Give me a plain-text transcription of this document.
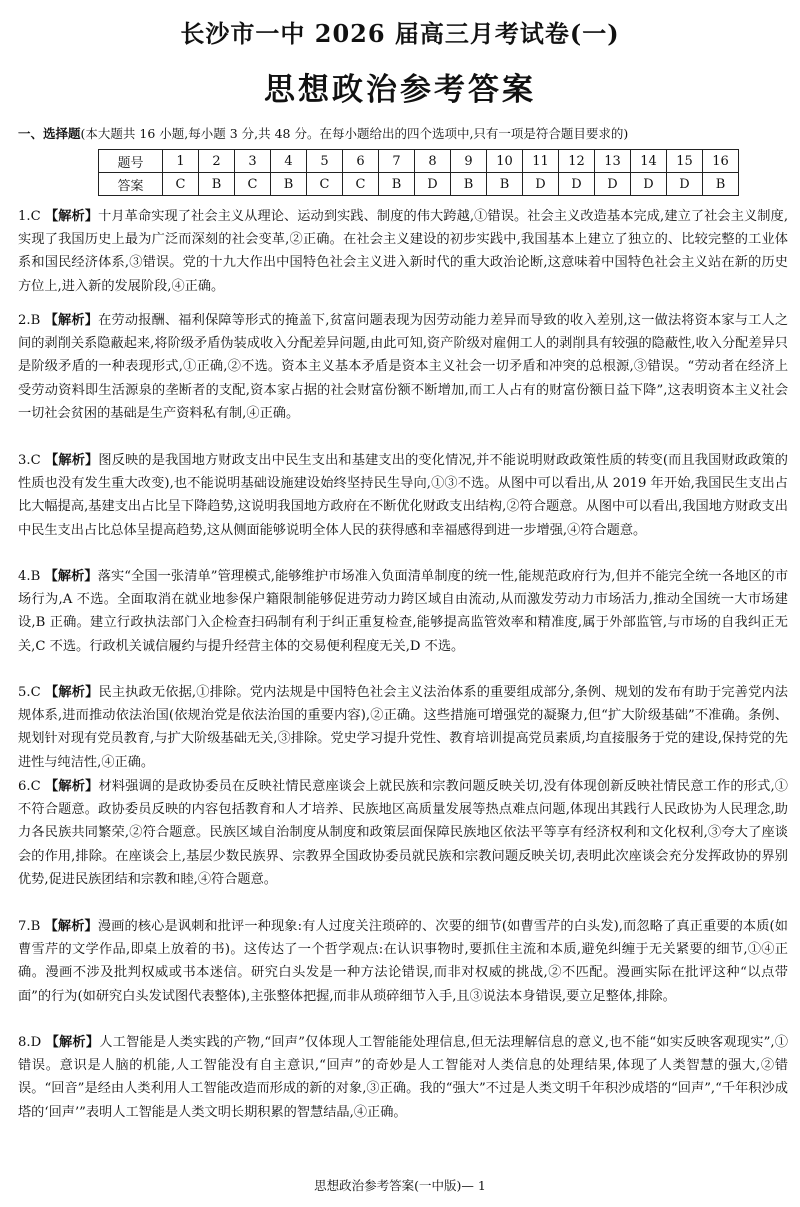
长沙市一中 2026 届高三月考试卷(一)
思想政治参考答案
一、选择题(本大题共 16 小题,每小题 3 分,共 48 分。在每小题给出的四个选项中,只有一项是符合题目要求的)
题号	1	2	3	4	5	6	7	8	9	10	11	12	13	14	15	16
答案	C	B	C	B	C	C	B	D	B	B	D	D	D	D	D	B
1.C 【解析】十月革命实现了社会主义从理论、运动到实践、制度的伟大跨越,①错误。社会主义改造基本完成,建立了社会主义制度,实现了我国历史上最为广泛而深刻的社会变革,②正确。在社会主义建设的初步实践中,我国基本上建立了独立的、比较完整的工业体系和国民经济体系,③错误。党的十九大作出中国特色社会主义进入新时代的重大政治论断,这意味着中国特色社会主义站在新的历史方位上,进入新的发展阶段,④正确。
2.B 【解析】在劳动报酬、福利保障等形式的掩盖下,贫富问题表现为因劳动能力差异而导致的收入差别,这一做法将资本家与工人之间的剥削关系隐蔽起来,将阶级矛盾伪装成收入分配差异问题,由此可知,资产阶级对雇佣工人的剥削具有较强的隐蔽性,收入分配差异只是阶级矛盾的一种表现形式,①正确,②不选。资本主义基本矛盾是资本主义社会一切矛盾和冲突的总根源,③错误。“劳动者在经济上受劳动资料即生活源泉的垄断者的支配,资本家占据的社会财富份额不断增加,而工人占有的财富份额日益下降”,这表明资本主义社会一切社会贫困的基础是生产资料私有制,④正确。
3.C 【解析】图反映的是我国地方财政支出中民生支出和基建支出的变化情况,并不能说明财政政策性质的转变(而且我国财政政策的性质也没有发生重大改变),也不能说明基础设施建设始终坚持民生导向,①③不选。从图中可以看出,从 2019 年开始,我国民生支出占比大幅提高,基建支出占比呈下降趋势,这说明我国地方政府在不断优化财政支出结构,②符合题意。从图中可以看出,我国地方财政支出中民生支出占比总体呈提高趋势,这从侧面能够说明全体人民的获得感和幸福感得到进一步增强,④符合题意。
4.B 【解析】落实“全国一张清单”管理模式,能够维护市场准入负面清单制度的统一性,能规范政府行为,但并不能完全统一各地区的市场行为,A 不选。全面取消在就业地参保户籍限制能够促进劳动力跨区域自由流动,从而激发劳动力市场活力,推动全国统一大市场建设,B 正确。建立行政执法部门入企检查扫码制有利于纠正重复检查,能够提高监管效率和精准度,属于外部监管,与市场的自我纠正无关,C 不选。行政机关诚信履约与提升经营主体的交易便利程度无关,D 不选。
5.C 【解析】民主执政无依据,①排除。党内法规是中国特色社会主义法治体系的重要组成部分,条例、规划的发布有助于完善党内法规体系,进而推动依法治国(依规治党是依法治国的重要内容),②正确。这些措施可增强党的凝聚力,但“扩大阶级基础”不准确。条例、规划针对现有党员教育,与扩大阶级基础无关,③排除。党史学习提升党性、教育培训提高党员素质,均直接服务于党的建设,保持党的先进性与纯洁性,④正确。
6.C 【解析】材料强调的是政协委员在反映社情民意座谈会上就民族和宗教问题反映关切,没有体现创新反映社情民意工作的形式,①不符合题意。政协委员反映的内容包括教育和人才培养、民族地区高质量发展等热点难点问题,体现出其践行人民政协为人民理念,助力各民族共同繁荣,②符合题意。民族区域自治制度从制度和政策层面保障民族地区依法平等享有经济权利和文化权利,③夸大了座谈会的作用,排除。在座谈会上,基层少数民族界、宗教界全国政协委员就民族和宗教问题反映关切,表明此次座谈会充分发挥政协的界别优势,促进民族团结和宗教和睦,④符合题意。
7.B 【解析】漫画的核心是讽刺和批评一种现象:有人过度关注琐碎的、次要的细节(如曹雪芹的白头发),而忽略了真正重要的本质(如曹雪芹的文学作品,即桌上放着的书)。这传达了一个哲学观点:在认识事物时,要抓住主流和本质,避免纠缠于无关紧要的细节,①④正确。漫画不涉及批判权威或书本迷信。研究白头发是一种方法论错误,而非对权威的挑战,②不匹配。漫画实际在批评这种“以点带面”的行为(如研究白头发试图代表整体),主张整体把握,而非从琐碎细节入手,且③说法本身错误,要立足整体,排除。
8.D 【解析】人工智能是人类实践的产物,“回声”仅体现人工智能能处理信息,但无法理解信息的意义,也不能“如实反映客观现实”,①错误。意识是人脑的机能,人工智能没有自主意识,“回声”的奇妙是人工智能对人类信息的处理结果,体现了人类智慧的强大,②错误。“回音”是经由人类利用人工智能改造而形成的新的对象,③正确。我的“强大”不过是人类文明千年积沙成塔的“回声”,“千年积沙成塔的‘回声’”表明人工智能是人类文明长期积累的智慧结晶,④正确。
思想政治参考答案(一中版)— 1
